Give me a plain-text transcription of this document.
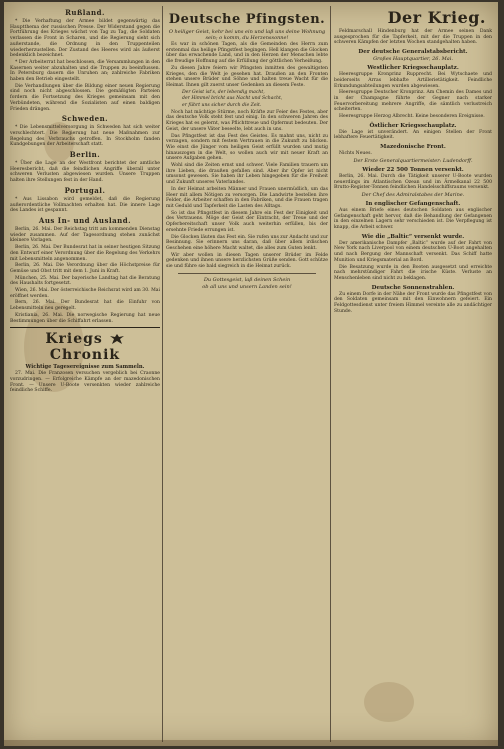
Rußland.

* Die Verhaftung der Armee bildet gegenwärtig das Hauptthema der russischen Presse. Der Widerstand gegen die Fortführung des Krieges wächst von Tag zu Tag, die Soldaten verlassen die Front in Scharen, und die Regierung sieht sich außerstande, die Ordnung in den Truppenteilen wiederherzustellen. Der Zustand des Heeres wird als äußerst bedenklich bezeichnet.

* Der Arbeiterrat hat beschlossen, die Versammlungen in den Kasernen weiter abzuhalten und die Truppen zu beeinflussen. In Petersburg dauern die Unruhen an; zahlreiche Fabriken haben den Betrieb eingestellt.

Die Verhandlungen über die Bildung einer neuen Regierung sind noch nicht abgeschlossen. Die gemäßigten Parteien fordern die Fortsetzung des Krieges gemeinsam mit den Verbündeten, während die Sozialisten auf einen baldigen Frieden drängen.

Schweden.

* Die Lebensmittelversorgung in Schweden hat sich weiter verschlechtert. Die Regierung hat neue Maßnahmen zur Regelung des Verbrauchs getroffen. In Stockholm fanden Kundgebungen der Arbeiterschaft statt.

Berlin.

* Über die Lage an der Westfront berichtet der amtliche Heeresbericht, daß die feindlichen Angriffe überall unter schweren Verlusten abgewiesen wurden. Unsere Truppen halten ihre Stellungen fest in der Hand.

Portugal.

* Aus Lissabon wird gemeldet, daß die Regierung außerordentliche Vollmachten erhalten hat. Die innere Lage des Landes ist gespannt.

Aus In- und Ausland.

Berlin, 26. Mai. Der Reichstag tritt am kommenden Dienstag wieder zusammen. Auf der Tagesordnung stehen zunächst kleinere Vorlagen.

Berlin, 26. Mai. Der Bundesrat hat in seiner heutigen Sitzung den Entwurf einer Verordnung über die Regelung des Verkehrs mit Lebensmitteln angenommen.

Berlin, 26. Mai. Die Verordnung über die Höchstpreise für Gemüse und Obst tritt mit dem 1. Juni in Kraft.

München, 25. Mai. Der bayerische Landtag hat die Beratung des Haushalts fortgesetzt.

Wien, 26. Mai. Der österreichische Reichsrat wird am 30. Mai eröffnet werden.

Bern, 26. Mai. Der Bundesrat hat die Einfuhr von Lebensmitteln neu geregelt.

Kristiania, 26. Mai. Die norwegische Regierung hat neue Bestimmungen über die Schiffahrt erlassen.

Kriegs  Chronik
Wichtige Tagesereignisse zum Sammeln.

27. Mai. Die Franzosen versuchen vergeblich bei Craonne vorzudringen. — Erfolgreiche Kämpfe an der mazedonischen Front. — Unsere U-Boote versenkten wieder zahlreiche feindliche Schiffe.

Deutsche Pfingsten.
O heiliger Geist, kehr bei uns ein und laß uns deine Wohnung sein; o komm, du Herzenssonne!

Es war in schönen Tagen, als die Gemeinden des Herrn zum erstenmal das heilige Pfingstfest begingen. Hell klangen die Glocken über das erwachende Land, und in den Herzen der Menschen lebte die freudige Hoffnung auf die Erfüllung der göttlichen Verheißung.

Zu diesen Jahre feiern wir Pfingsten inmitten des gewaltigsten Krieges, den die Welt je gesehen hat. Draußen an den Fronten stehen unsere Brüder und Söhne und halten treue Wacht für die Heimat. Ihnen gilt zuerst unser Gedenken an diesem Feste.

Der Geist ist's, der lebendig macht,
der Himmel bricht aus Nacht und Schacht,
er führt uns sicher durch die Zeit.

Noch hat mächtige Stürme, noch Kräfte zur Feier des Festes, aber das deutsche Volk steht fest und einig. In den schweren Jahren des Krieges hat es gelernt, was Pflichttreue und Opfermut bedeuten. Der Geist, der unsere Väter beseelte, lebt auch in uns.

Das Pfingstfest ist das Fest des Geistes. Es mahnt uns, nicht zu verzagen, sondern mit festem Vertrauen in die Zukunft zu blicken. Wie einst die Jünger vom heiligen Geist erfüllt wurden und mutig hinauszogen in die Welt, so wollen auch wir mit neuer Kraft an unsere Aufgaben gehen.

Wohl sind die Zeiten ernst und schwer. Viele Familien trauern um ihre Lieben, die draußen gefallen sind. Aber ihr Opfer ist nicht umsonst gewesen. Sie haben ihr Leben hingegeben für die Freiheit und Zukunft unseres Vaterlandes.

In der Heimat arbeiten Männer und Frauen unermüdlich, um das Heer mit allem Nötigen zu versorgen. Die Landwirte bestellen ihre Felder, die Arbeiter schaffen in den Fabriken, und die Frauen tragen mit Geduld und Tapferkeit die Lasten des Alltags.

So ist das Pfingstfest in diesem Jahre ein Fest der Einigkeit und des Vertrauens. Möge der Geist der Eintracht, der Treue und der Opferbereitschaft unser Volk auch weiterhin erfüllen, bis der ersehnte Friede errungen ist.

Die Glocken läuten das Fest ein. Sie rufen uns zur Andacht und zur Besinnung. Sie erinnern uns daran, daß über allem irdischen Geschehen eine höhere Macht waltet, die alles zum Guten lenkt.

Wir aber wollen in diesen Tagen unserer Brüder im Felde gedenken und ihnen unsere herzlichsten Grüße senden. Gott schütze sie und führe sie bald siegreich in die Heimat zurück.

Du Gottesgeist, laß deinen Schein
ob all uns und unsern Landen sein!
Der Krieg.

Feldmarschall Hindenburg hat der Armee seinen Dank ausgesprochen für die Tapferkeit, mit der die Truppen in den schweren Kämpfen der letzten Wochen standgehalten haben.

Der deutsche Generalstabsbericht.
Großes Hauptquartier, 26. Mai.
Westlicher Kriegsschauplatz.

Heeresgruppe Kronprinz Rupprecht. Bei Wytschaete und beiderseits Arras lebhafte Artillerietätigkeit. Feindliche Erkundungsabteilungen wurden abgewiesen.

Heeresgruppe Deutscher Kronprinz. Am Chemin des Dames und in der Champagne führte der Gegner nach starker Feuervorbereitung mehrere Angriffe, die sämtlich verlustreich scheiterten.

Heeresgruppe Herzog Albrecht. Keine besonderen Ereignisse.

Östlicher Kriegsschauplatz.

Die Lage ist unverändert. An einigen Stellen der Front lebhaftere Feuertätigkeit.

Mazedonische Front.

Nichts Neues.

Der Erste Generalquartiermeister: Ludendorff.
Wieder 22 500 Tonnen versenkt.

Berlin, 26. Mai. Durch die Tätigkeit unserer U-Boote wurden neuerdings im Atlantischen Ozean und im Ärmelkanal 22 500 Brutto-Register-Tonnen feindlichen Handelsschiffsraums versenkt.

Der Chef des Admiralstabes der Marine.
In englischer Gefangenschaft.

Aus einem Briefe eines deutschen Soldaten aus englischer Gefangenschaft geht hervor, daß die Behandlung der Gefangenen in den einzelnen Lagern sehr verschieden ist. Die Verpflegung ist knapp, die Arbeit schwer.

Wie die „Baltic“ versenkt wurde.

Der amerikanische Dampfer „Baltic“ wurde auf der Fahrt von New York nach Liverpool von einem deutschen U-Boot angehalten und nach Bergung der Mannschaft versenkt. Das Schiff hatte Munition und Kriegsmaterial an Bord.

Die Besatzung wurde in den Booten ausgesetzt und erreichte nach mehrstündiger Fahrt die irische Küste. Verluste an Menschenleben sind nicht zu beklagen.

Deutsche Sonnenstrahlen.

Zu einem Dorfe in der Nähe der Front wurde das Pfingstfest von den Soldaten gemeinsam mit den Einwohnern gefeiert. Ein Feldgottesdienst unter freiem Himmel vereinte alle zu andächtiger Stunde.
